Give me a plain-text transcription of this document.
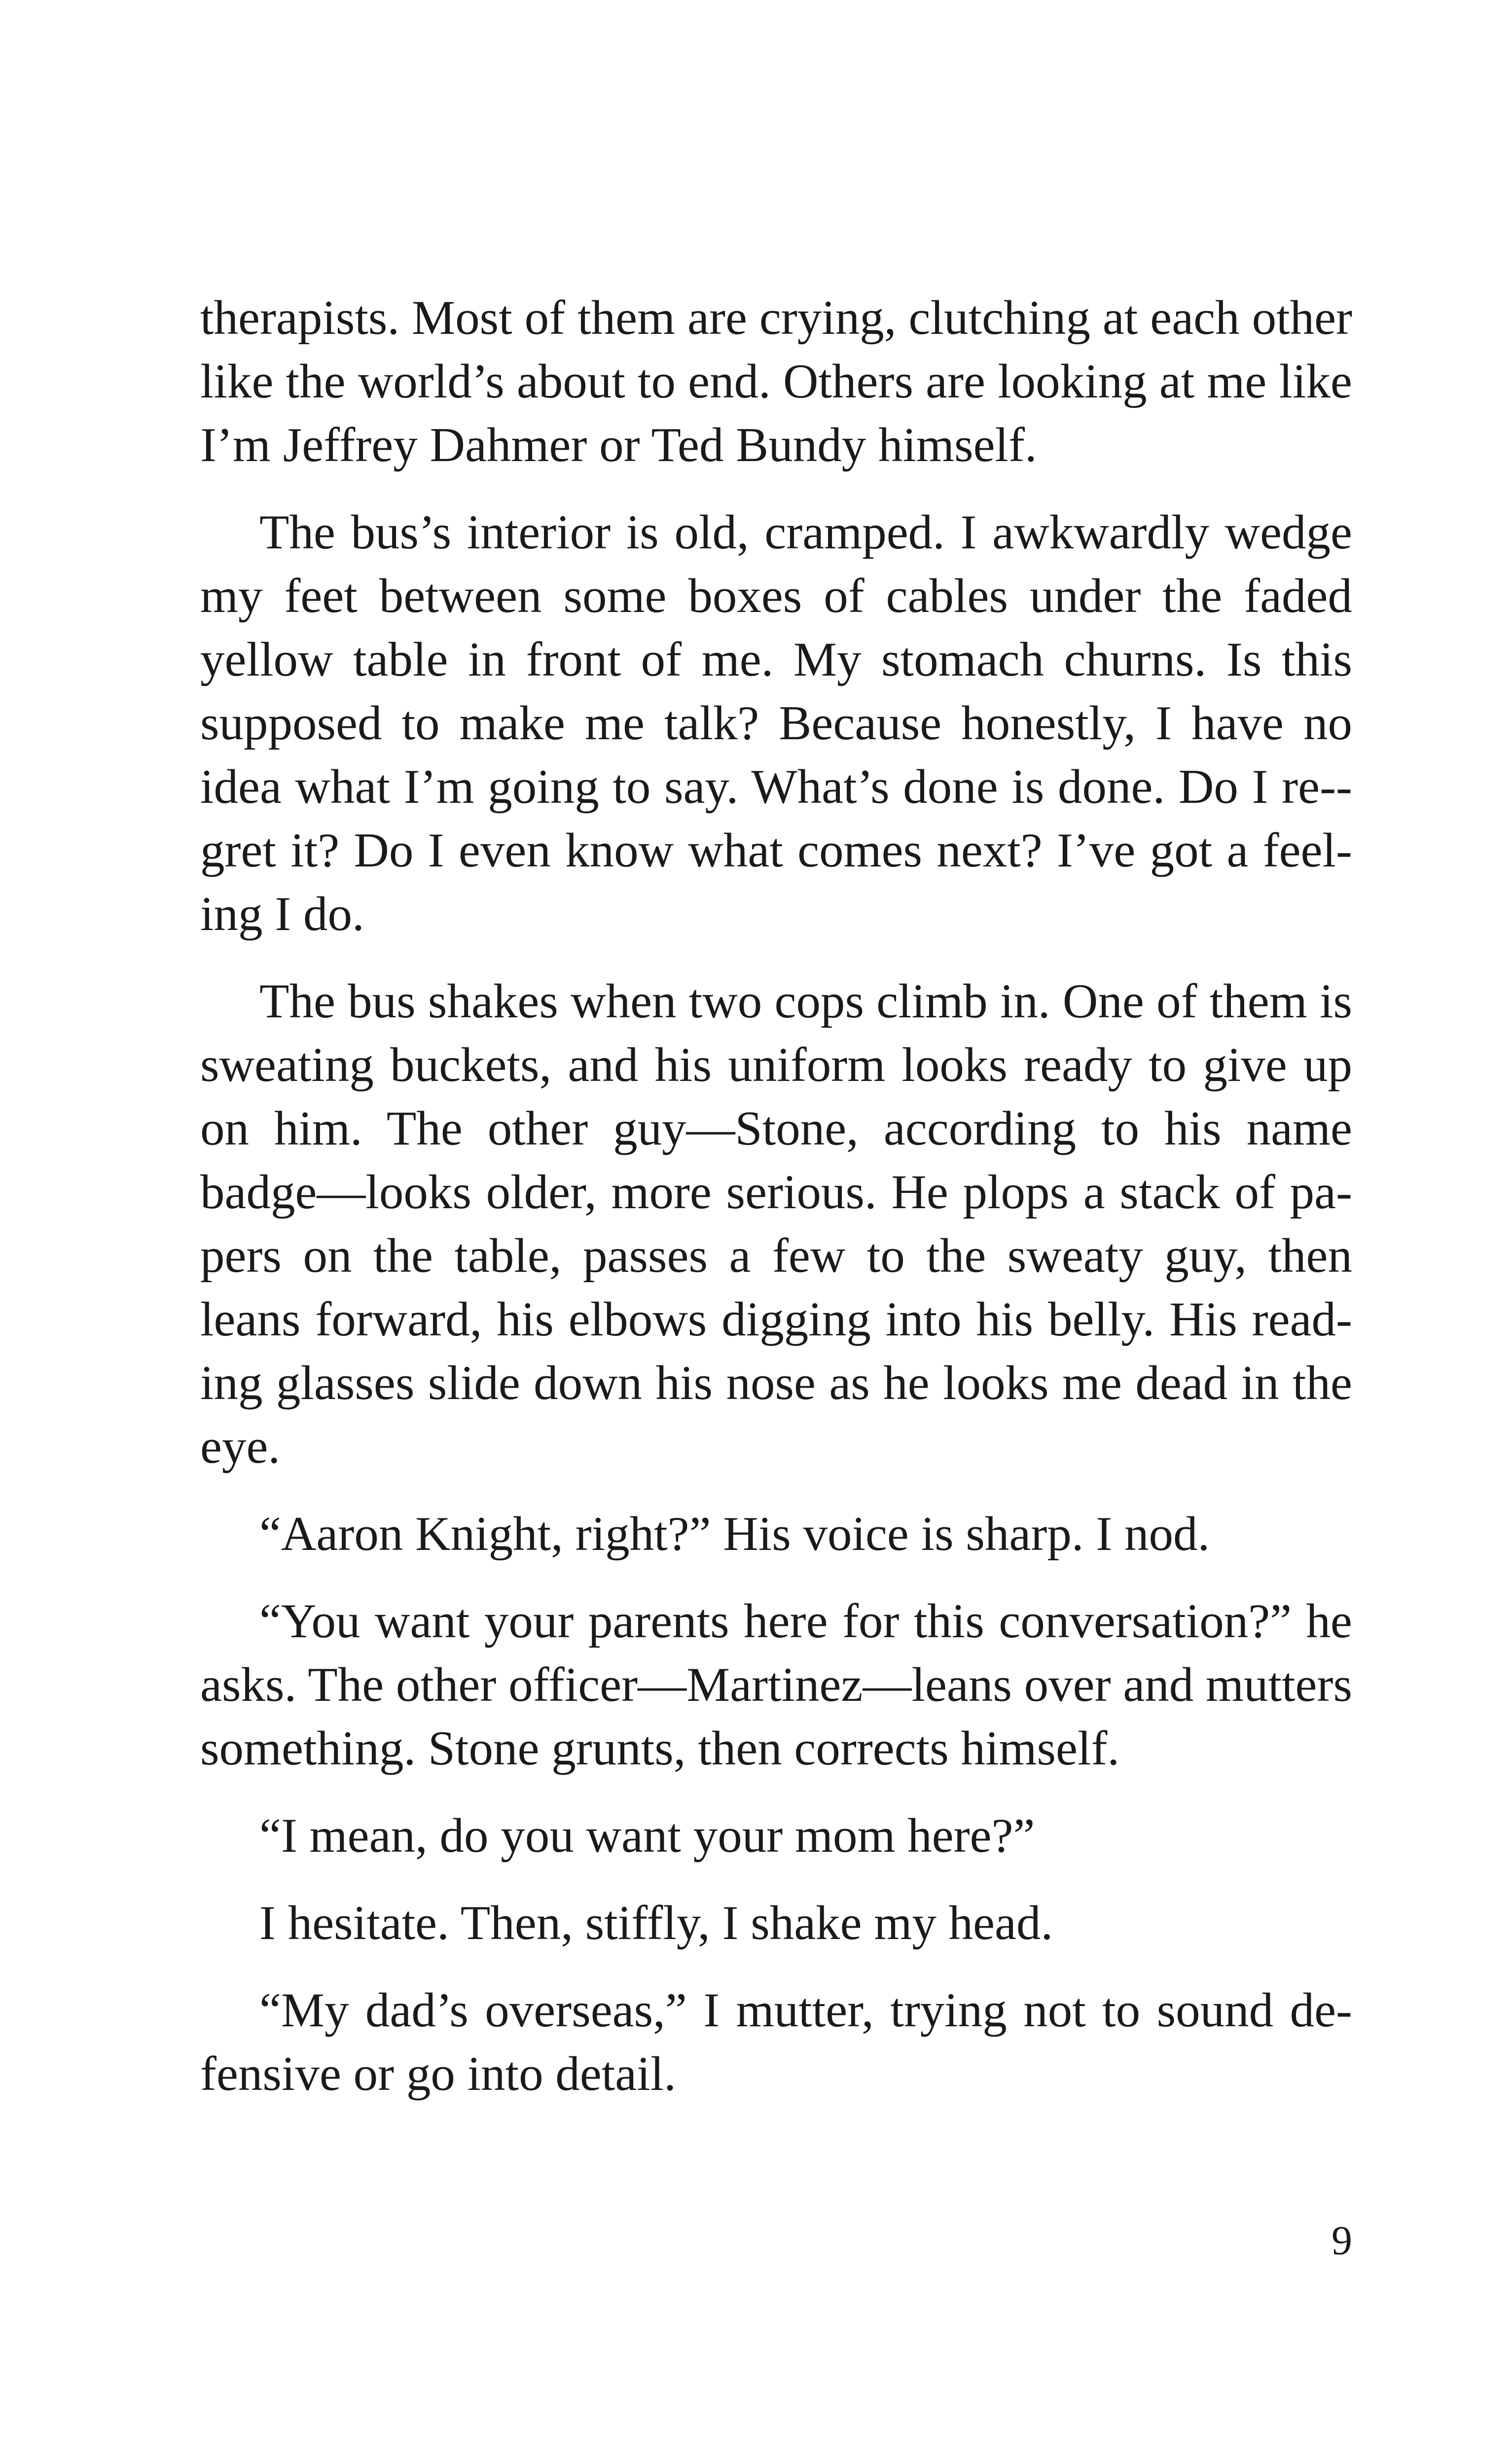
therapists. Most of them are crying, clutching at each other like the world’s about to end. Others are looking at me like I’m Jeffrey Dahmer or Ted Bundy himself.

The bus’s interior is old, cramped. I awkwardly wedge my feet between some boxes of cables under the faded yellow table in front of me. My stomach churns. Is this supposed to make me talk? Because honestly, I have no idea what I’m going to say. What’s done is done. Do I re-gret it? Do I even know what comes next? I’ve got a feeling I do.

The bus shakes when two cops climb in. One of them is sweating buckets, and his uniform looks ready to give up on him. The other guy—Stone, according to his name badge—looks older, more serious. He plops a stack of papers on the table, passes a few to the sweaty guy, then leans forward, his elbows digging into his belly. His reading glasses slide down his nose as he looks me dead in the eye.

“Aaron Knight, right?” His voice is sharp. I nod.

“You want your parents here for this conversation?” he asks. The other officer—Martinez—leans over and mutters something. Stone grunts, then corrects himself.

“I mean, do you want your mom here?”

I hesitate. Then, stiffly, I shake my head.

“My dad’s overseas,” I mutter, trying not to sound defensive or go into detail.

9
